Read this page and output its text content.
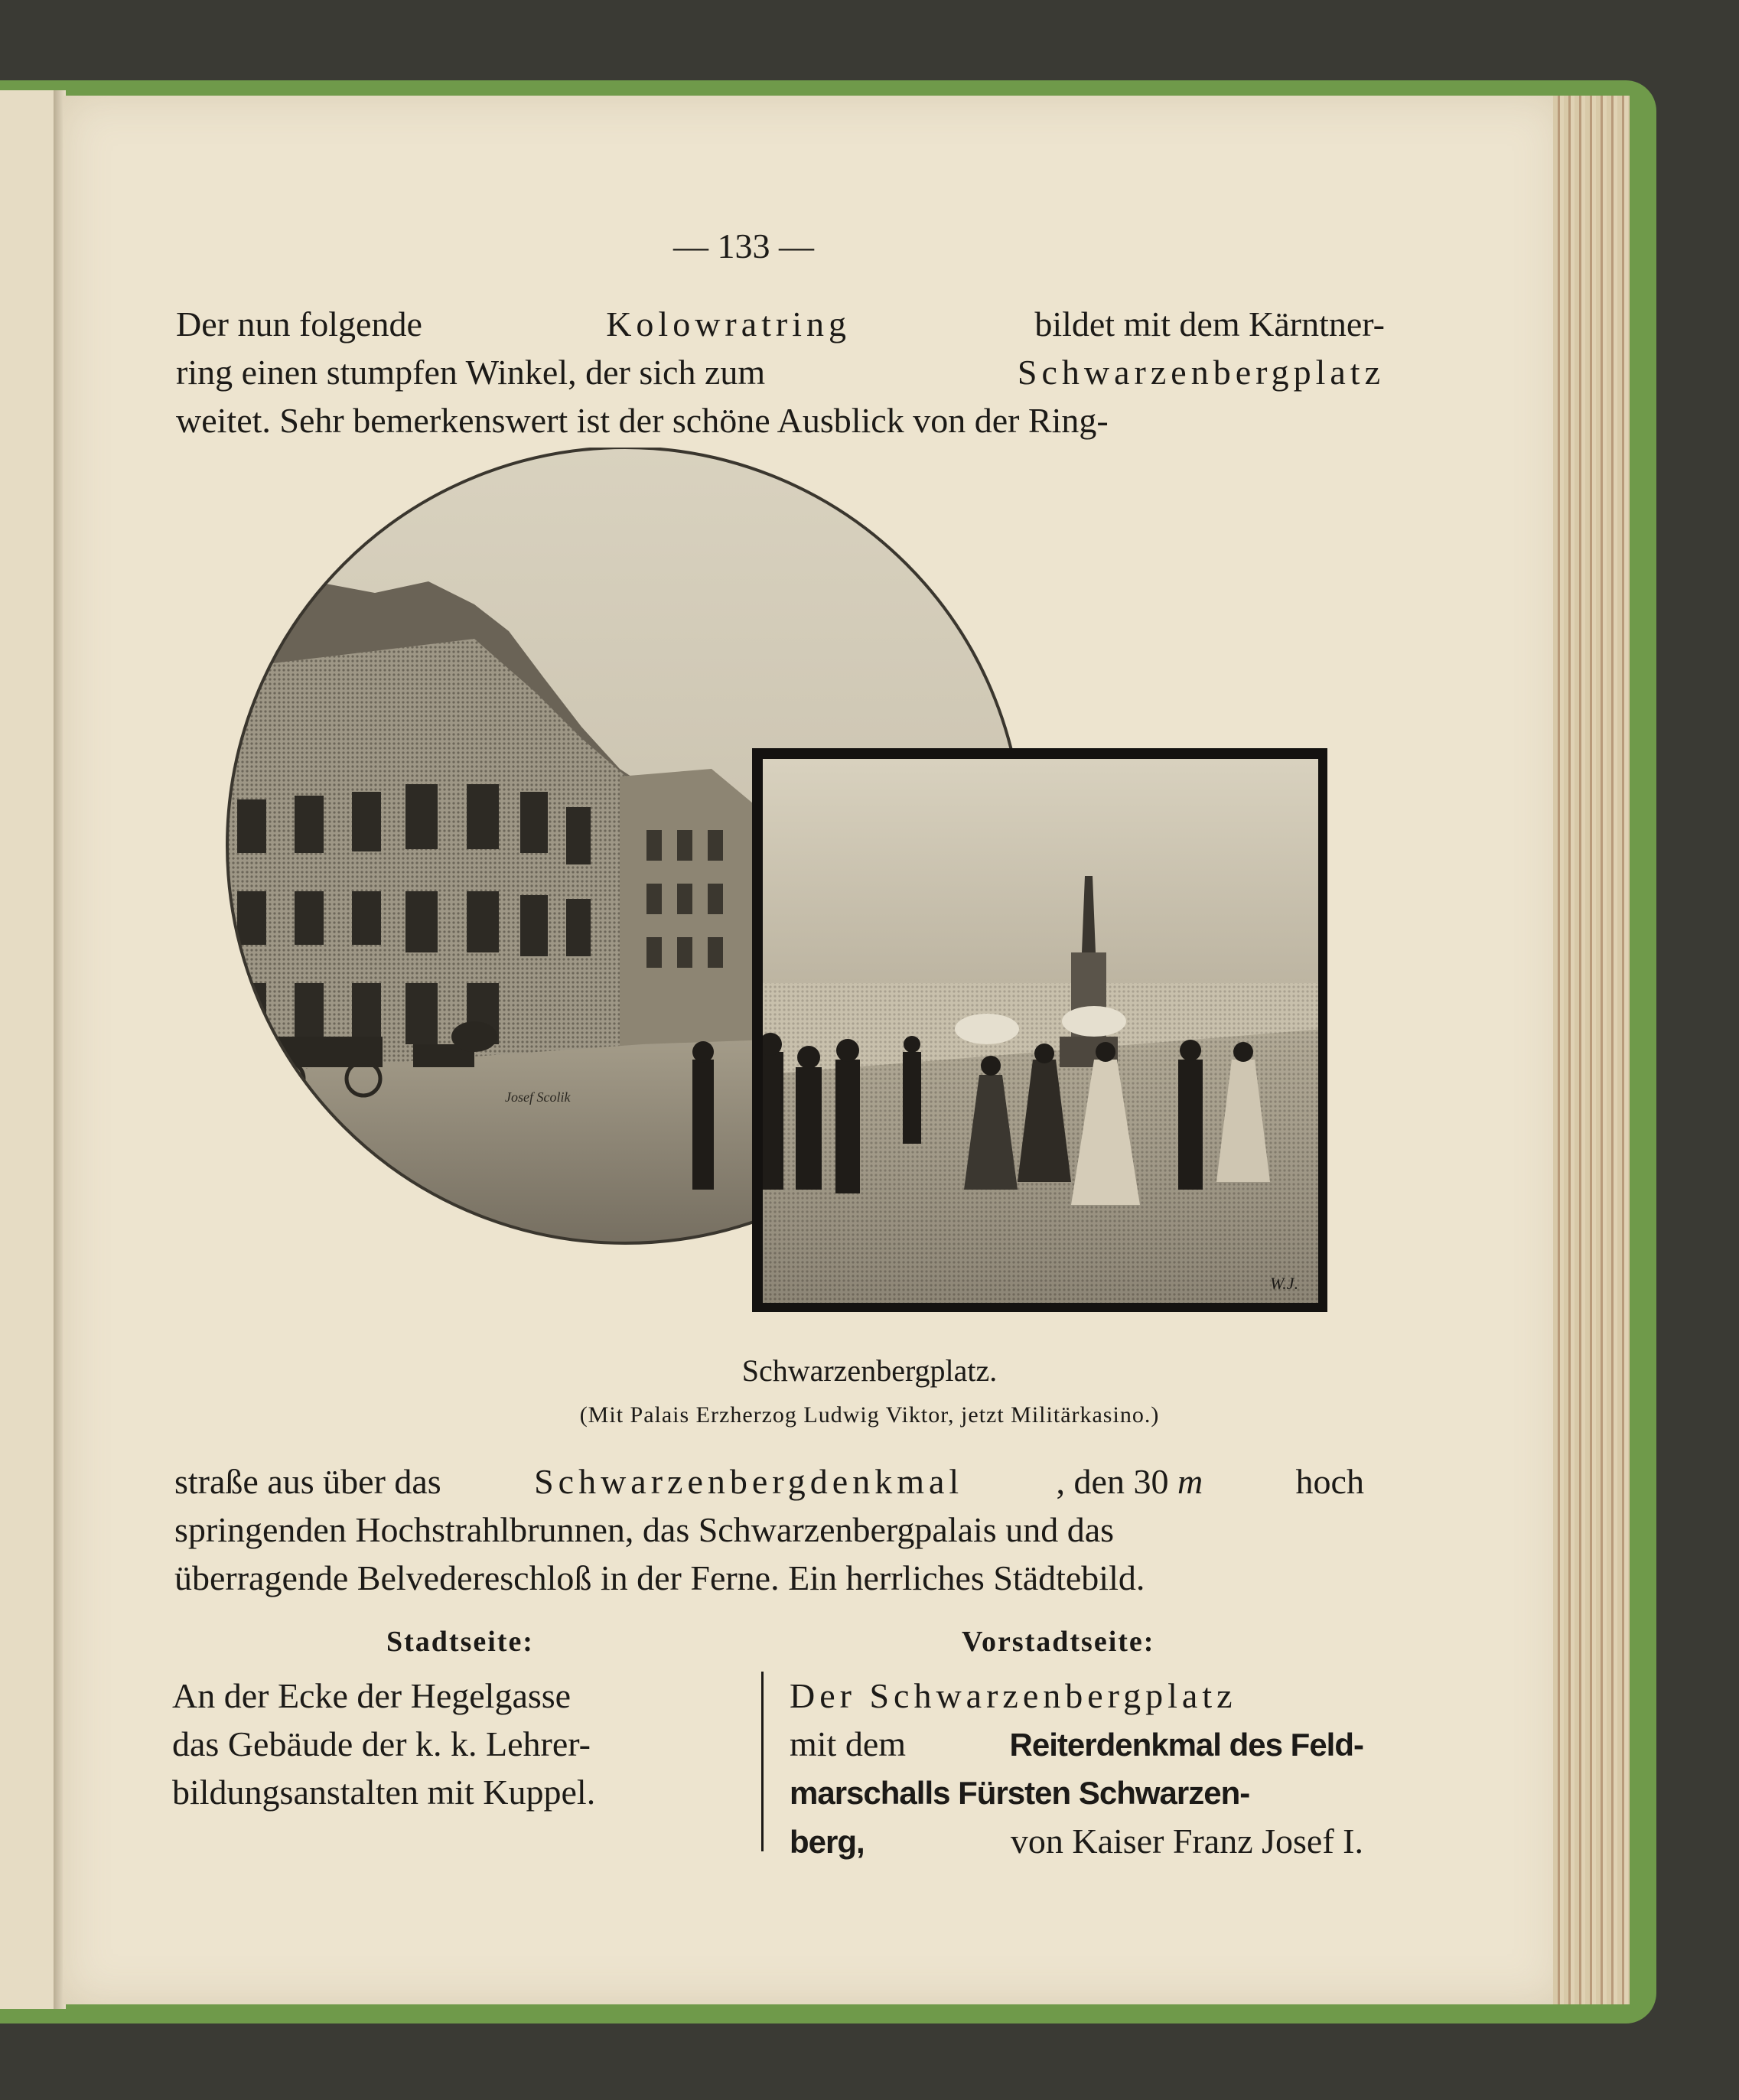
— 133 —
Der nun folgende	Kolowratring	bildet mit dem Kärntner-
ring einen stumpfen Winkel, der sich zum	Schwarzenbergplatz
weitet. Sehr bemerkenswert ist der schöne Ausblick von der Ring-
Josef Scolik
W.J.
Schwarzenbergplatz.
(Mit Palais Erzherzog Ludwig Viktor, jetzt Militärkasino.)
straße aus über das	Schwarzenbergdenkmal	, den 30 m	hoch
springenden Hochstrahlbrunnen, das Schwarzenbergpalais und das
überragende Belvedereschloß in der Ferne. Ein herrliches Städtebild.
Stadtseite:	Vorstadtseite:
An der Ecke der Hegelgasse
das Gebäude der k. k. Lehrer-
bildungsanstalten mit Kuppel.
Der Schwarzenbergplatz
mit dem	Reiterdenkmal des Feld-
marschalls Fürsten Schwarzen-
berg,	von Kaiser Franz Josef I.
